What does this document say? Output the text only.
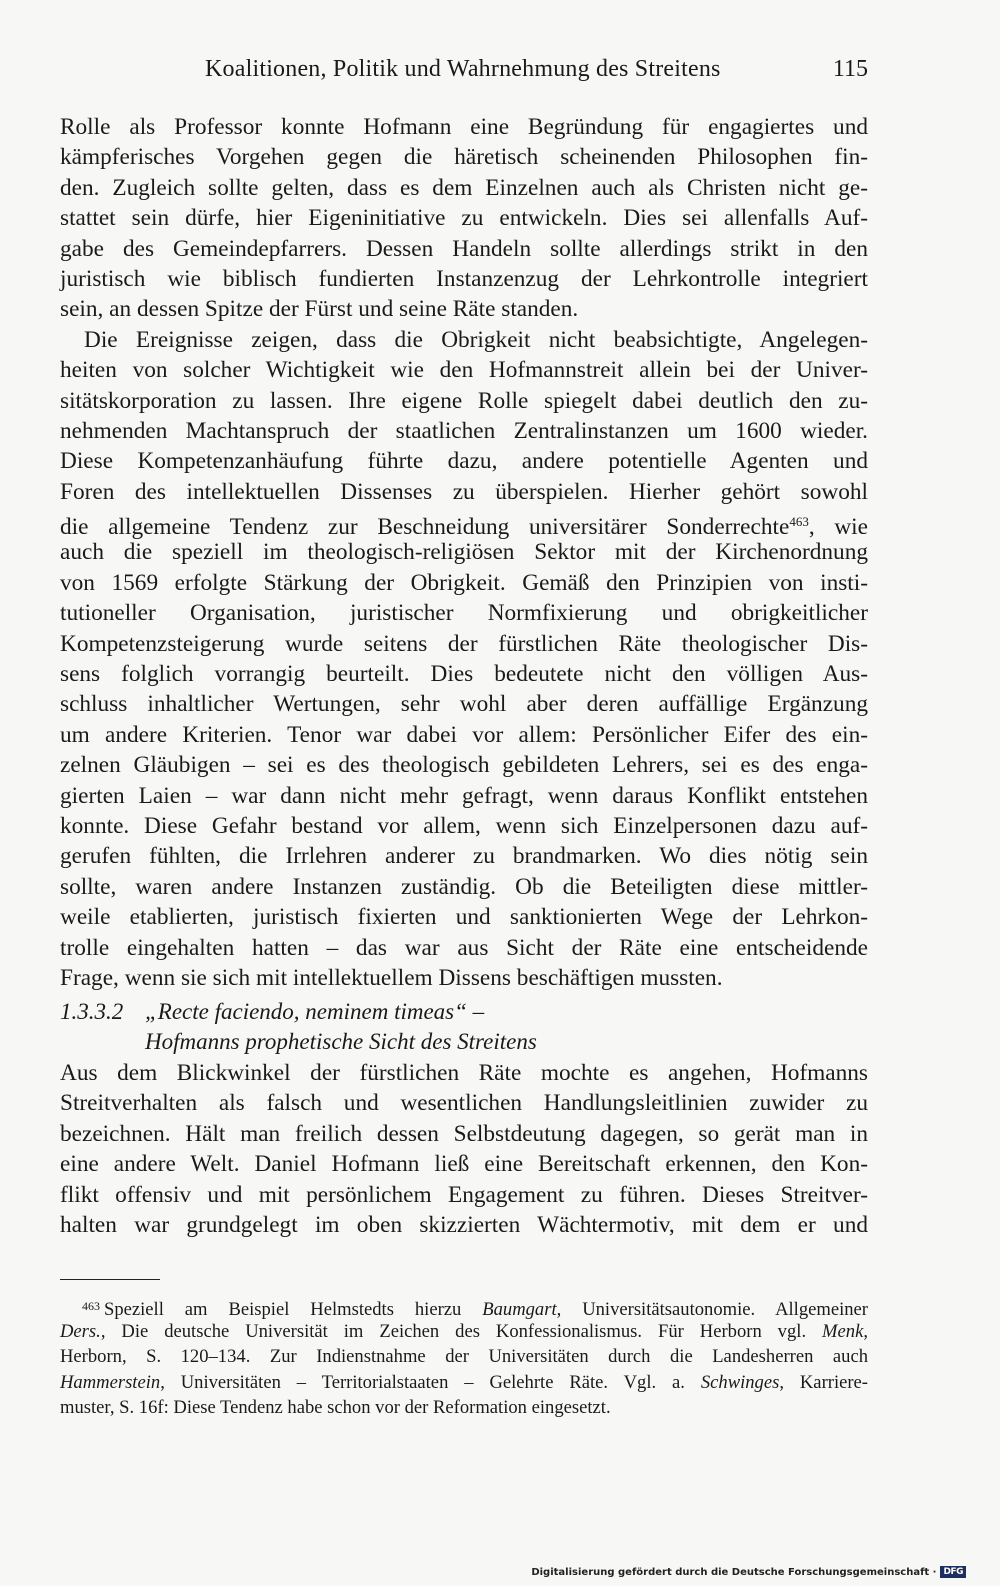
Koalitionen, Politik und Wahrnehmung des Streitens	115
Rolle als Professor konnte Hofmann eine Begründung für engagiertes und
kämpferisches Vorgehen gegen die häretisch scheinenden Philosophen fin-
den. Zugleich sollte gelten, dass es dem Einzelnen auch als Christen nicht ge-
stattet sein dürfe, hier Eigeninitiative zu entwickeln. Dies sei allenfalls Auf-
gabe des Gemeindepfarrers. Dessen Handeln sollte allerdings strikt in den
juristisch wie biblisch fundierten Instanzenzug der Lehrkontrolle integriert
sein, an dessen Spitze der Fürst und seine Räte standen.
Die Ereignisse zeigen, dass die Obrigkeit nicht beabsichtigte, Angelegen-
heiten von solcher Wichtigkeit wie den Hofmannstreit allein bei der Univer-
sitätskorporation zu lassen. Ihre eigene Rolle spiegelt dabei deutlich den zu-
nehmenden Machtanspruch der staatlichen Zentralinstanzen um 1600 wieder.
Diese Kompetenzanhäufung führte dazu, andere potentielle Agenten und
Foren des intellektuellen Dissenses zu überspielen. Hierher gehört sowohl
die allgemeine Tendenz zur Beschneidung universitärer Sonderrechte$^{463}$, wie
auch die speziell im theologisch-religiösen Sektor mit der Kirchenordnung
von 1569 erfolgte Stärkung der Obrigkeit. Gemäß den Prinzipien von insti-
tutioneller Organisation, juristischer Normfixierung und obrigkeitlicher
Kompetenzsteigerung wurde seitens der fürstlichen Räte theologischer Dis-
sens folglich vorrangig beurteilt. Dies bedeutete nicht den völligen Aus-
schluss inhaltlicher Wertungen, sehr wohl aber deren auffällige Ergänzung
um andere Kriterien. Tenor war dabei vor allem: Persönlicher Eifer des ein-
zelnen Gläubigen – sei es des theologisch gebildeten Lehrers, sei es des enga-
gierten Laien – war dann nicht mehr gefragt, wenn daraus Konflikt entstehen
konnte. Diese Gefahr bestand vor allem, wenn sich Einzelpersonen dazu auf-
gerufen fühlten, die Irrlehren anderer zu brandmarken. Wo dies nötig sein
sollte, waren andere Instanzen zuständig. Ob die Beteiligten diese mittler-
weile etablierten, juristisch fixierten und sanktionierten Wege der Lehrkon-
trolle eingehalten hatten – das war aus Sicht der Räte eine entscheidende
Frage, wenn sie sich mit intellektuellem Dissens beschäftigen mussten.
1.3.3.2 „Recte faciendo, neminem timeas“ –
Hofmanns prophetische Sicht des Streitens
Aus dem Blickwinkel der fürstlichen Räte mochte es angehen, Hofmanns
Streitverhalten als falsch und wesentlichen Handlungsleitlinien zuwider zu
bezeichnen. Hält man freilich dessen Selbstdeutung dagegen, so gerät man in
eine andere Welt. Daniel Hofmann ließ eine Bereitschaft erkennen, den Kon-
flikt offensiv und mit persönlichem Engagement zu führen. Dieses Streitver-
halten war grundgelegt im oben skizzierten Wächtermotiv, mit dem er und
$^{463}$ Speziell am Beispiel Helmstedts hierzu Baumgart, Universitätsautonomie. Allgemeiner
Ders., Die deutsche Universität im Zeichen des Konfessionalismus. Für Herborn vgl. Menk,
Herborn, S. 120–134. Zur Indienstnahme der Universitäten durch die Landesherren auch
Hammerstein, Universitäten – Territorialstaaten – Gelehrte Räte. Vgl. a. Schwinges, Karriere-
muster, S. 16f: Diese Tendenz habe schon vor der Reformation eingesetzt.
Digitalisierung gefördert durch die Deutsche Forschungsgemeinschaft · DFG
